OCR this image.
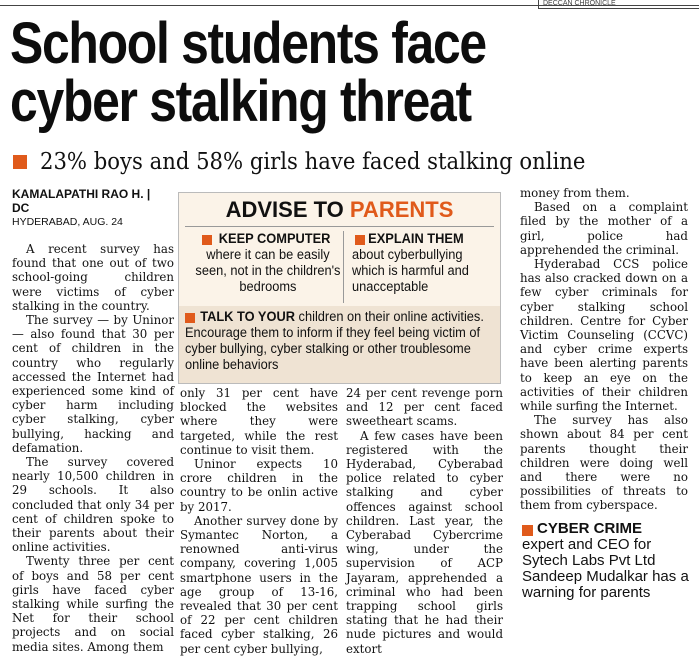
DECCAN CHRONICLE
School students face
cyber stalking threat
23% boys and 58% girls have faced stalking online
KAMALAPATHI RAO H. |
DC
HYDERABAD, AUG. 24

A recent survey has found that one out of two school-going children were victims of cyber stalking in the country.

The survey — by Uninor — also found that 30 per cent of children in the country who regularly accessed the Internet had experienced some kind of cyber harm including cyber stalking, cyber bullying, hacking and defamation.

The survey covered nearly 10,500 children in 29 schools. It also concluded that only 34 per cent of children spoke to their parents about their online activities.

Twenty three per cent of boys and 58 per cent girls have faced cyber stalking while surfing the Net for their school projects and on social media sites. Among them

ADVISE TO PARENTS
KEEP COMPUTER
where it can be easily seen, not in the children's bedrooms
EXPLAIN THEM
about cyberbullying which is harmful and unacceptable
TALK TO YOUR children on their online activities. Encourage them to inform if they feel being victim of cyber bullying, cyber stalking or other troublesome online behaviors

only 31 per cent have blocked the websites where they were targeted, while the rest continue to visit them.

Uninor expects 10 crore children in the country to be onlin active by 2017.

Another survey done by Symantec Norton, a renowned anti-virus company, covering 1,005 smartphone users in the age group of 13-16, revealed that 30 per cent of 22 per cent children faced cyber stalking, 26 per cent cyber bullying,

24 per cent revenge porn and 12 per cent faced sweetheart scams.

A few cases have been registered with the Hyderabad, Cyberabad police related to cyber stalking and cyber offences against school children. Last year, the Cyberabad Cybercrime wing, under the supervision of ACP Jayaram, apprehended a criminal who had been trapping school girls stating that he had their nude pictures and would extort

money from them.

Based on a complaint filed by the mother of a girl, police had apprehended the criminal.

Hyderabad CCS police has also cracked down on a few cyber criminals for cyber stalking school children. Centre for Cyber Victim Counseling (CCVC) and cyber crime experts have been alerting parents to keep an eye on the activities of their children while surfing the Internet.

The survey has also shown about 84 per cent parents thought their children were doing well and there were no possibilities of threats to them from cyberspace.

CYBER CRIME
expert and CEO for Sytech Labs Pvt Ltd Sandeep Mudalkar has a warning for parents
